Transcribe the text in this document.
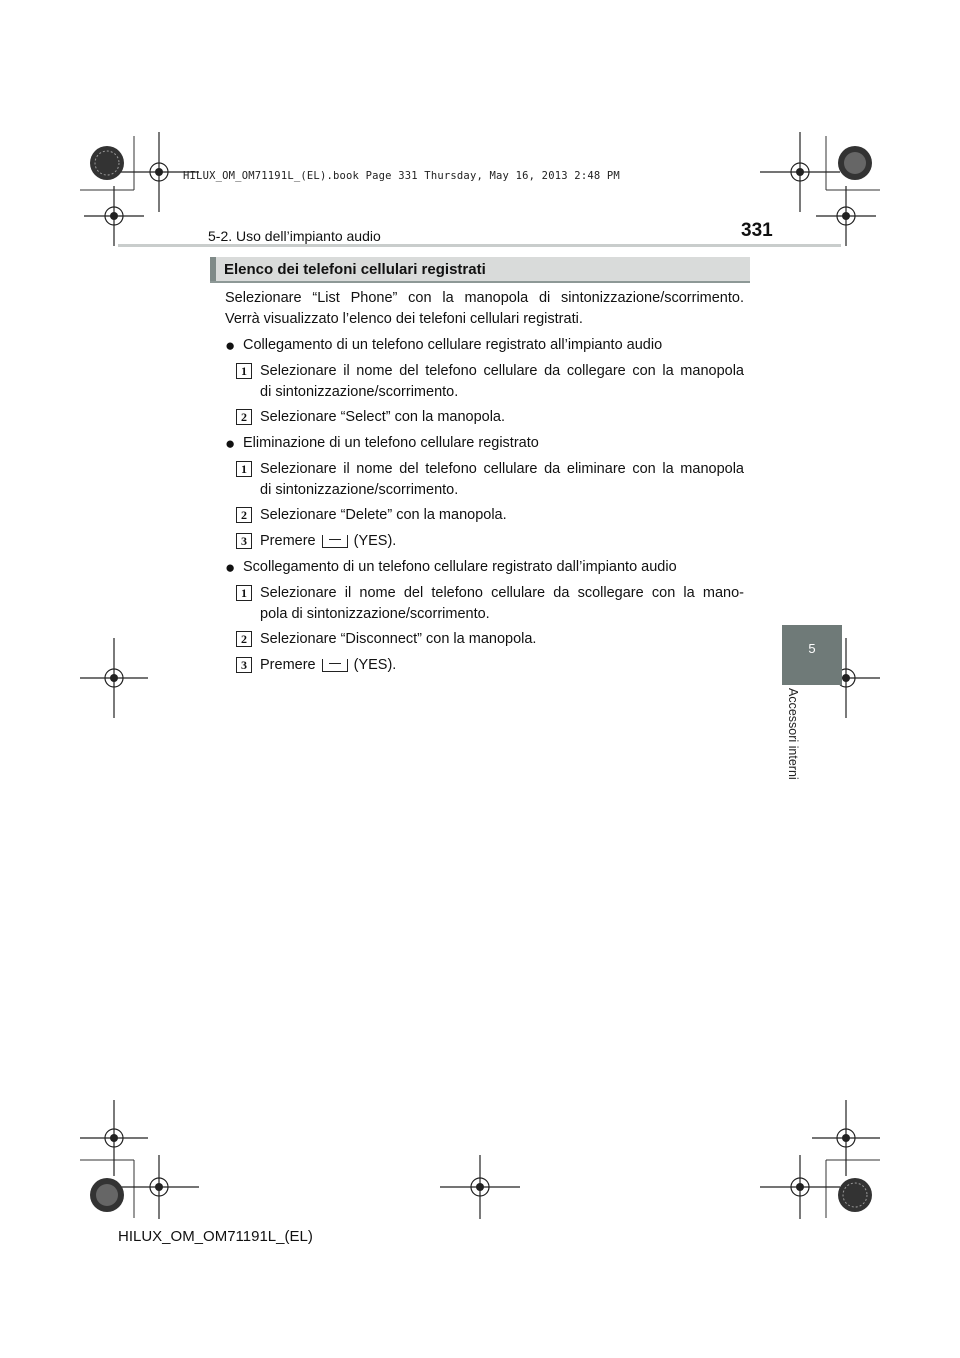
HILUX_OM_OM71191L_(EL).book Page 331 Thursday, May 16, 2013 2:48 PM
5-2. Uso dell’impianto audio	331
Elenco dei telefoni cellulari registrati
5
Accessori interni
Selezionare “List Phone” con la manopola di sintonizzazione/scorrimento.
Verrà visualizzato l’elenco dei telefoni cellulari registrati.
● Collegamento di un telefono cellulare registrato all’impianto audio
1 Selezionare il nome del telefono cellulare da collegare con la manopola
di sintonizzazione/scorrimento.
2 Selezionare “Select” con la manopola.
● Eliminazione di un telefono cellulare registrato
1 Selezionare il nome del telefono cellulare da eliminare con la manopola
di sintonizzazione/scorrimento.
2 Selezionare “Delete” con la manopola.
3 Premere	(YES).
● Scollegamento di un telefono cellulare registrato dall’impianto audio
1 Selezionare il nome del telefono cellulare da scollegare con la mano-
pola di sintonizzazione/scorrimento.
2 Selezionare “Disconnect” con la manopola.
3 Premere	(YES).
HILUX_OM_OM71191L_(EL)
